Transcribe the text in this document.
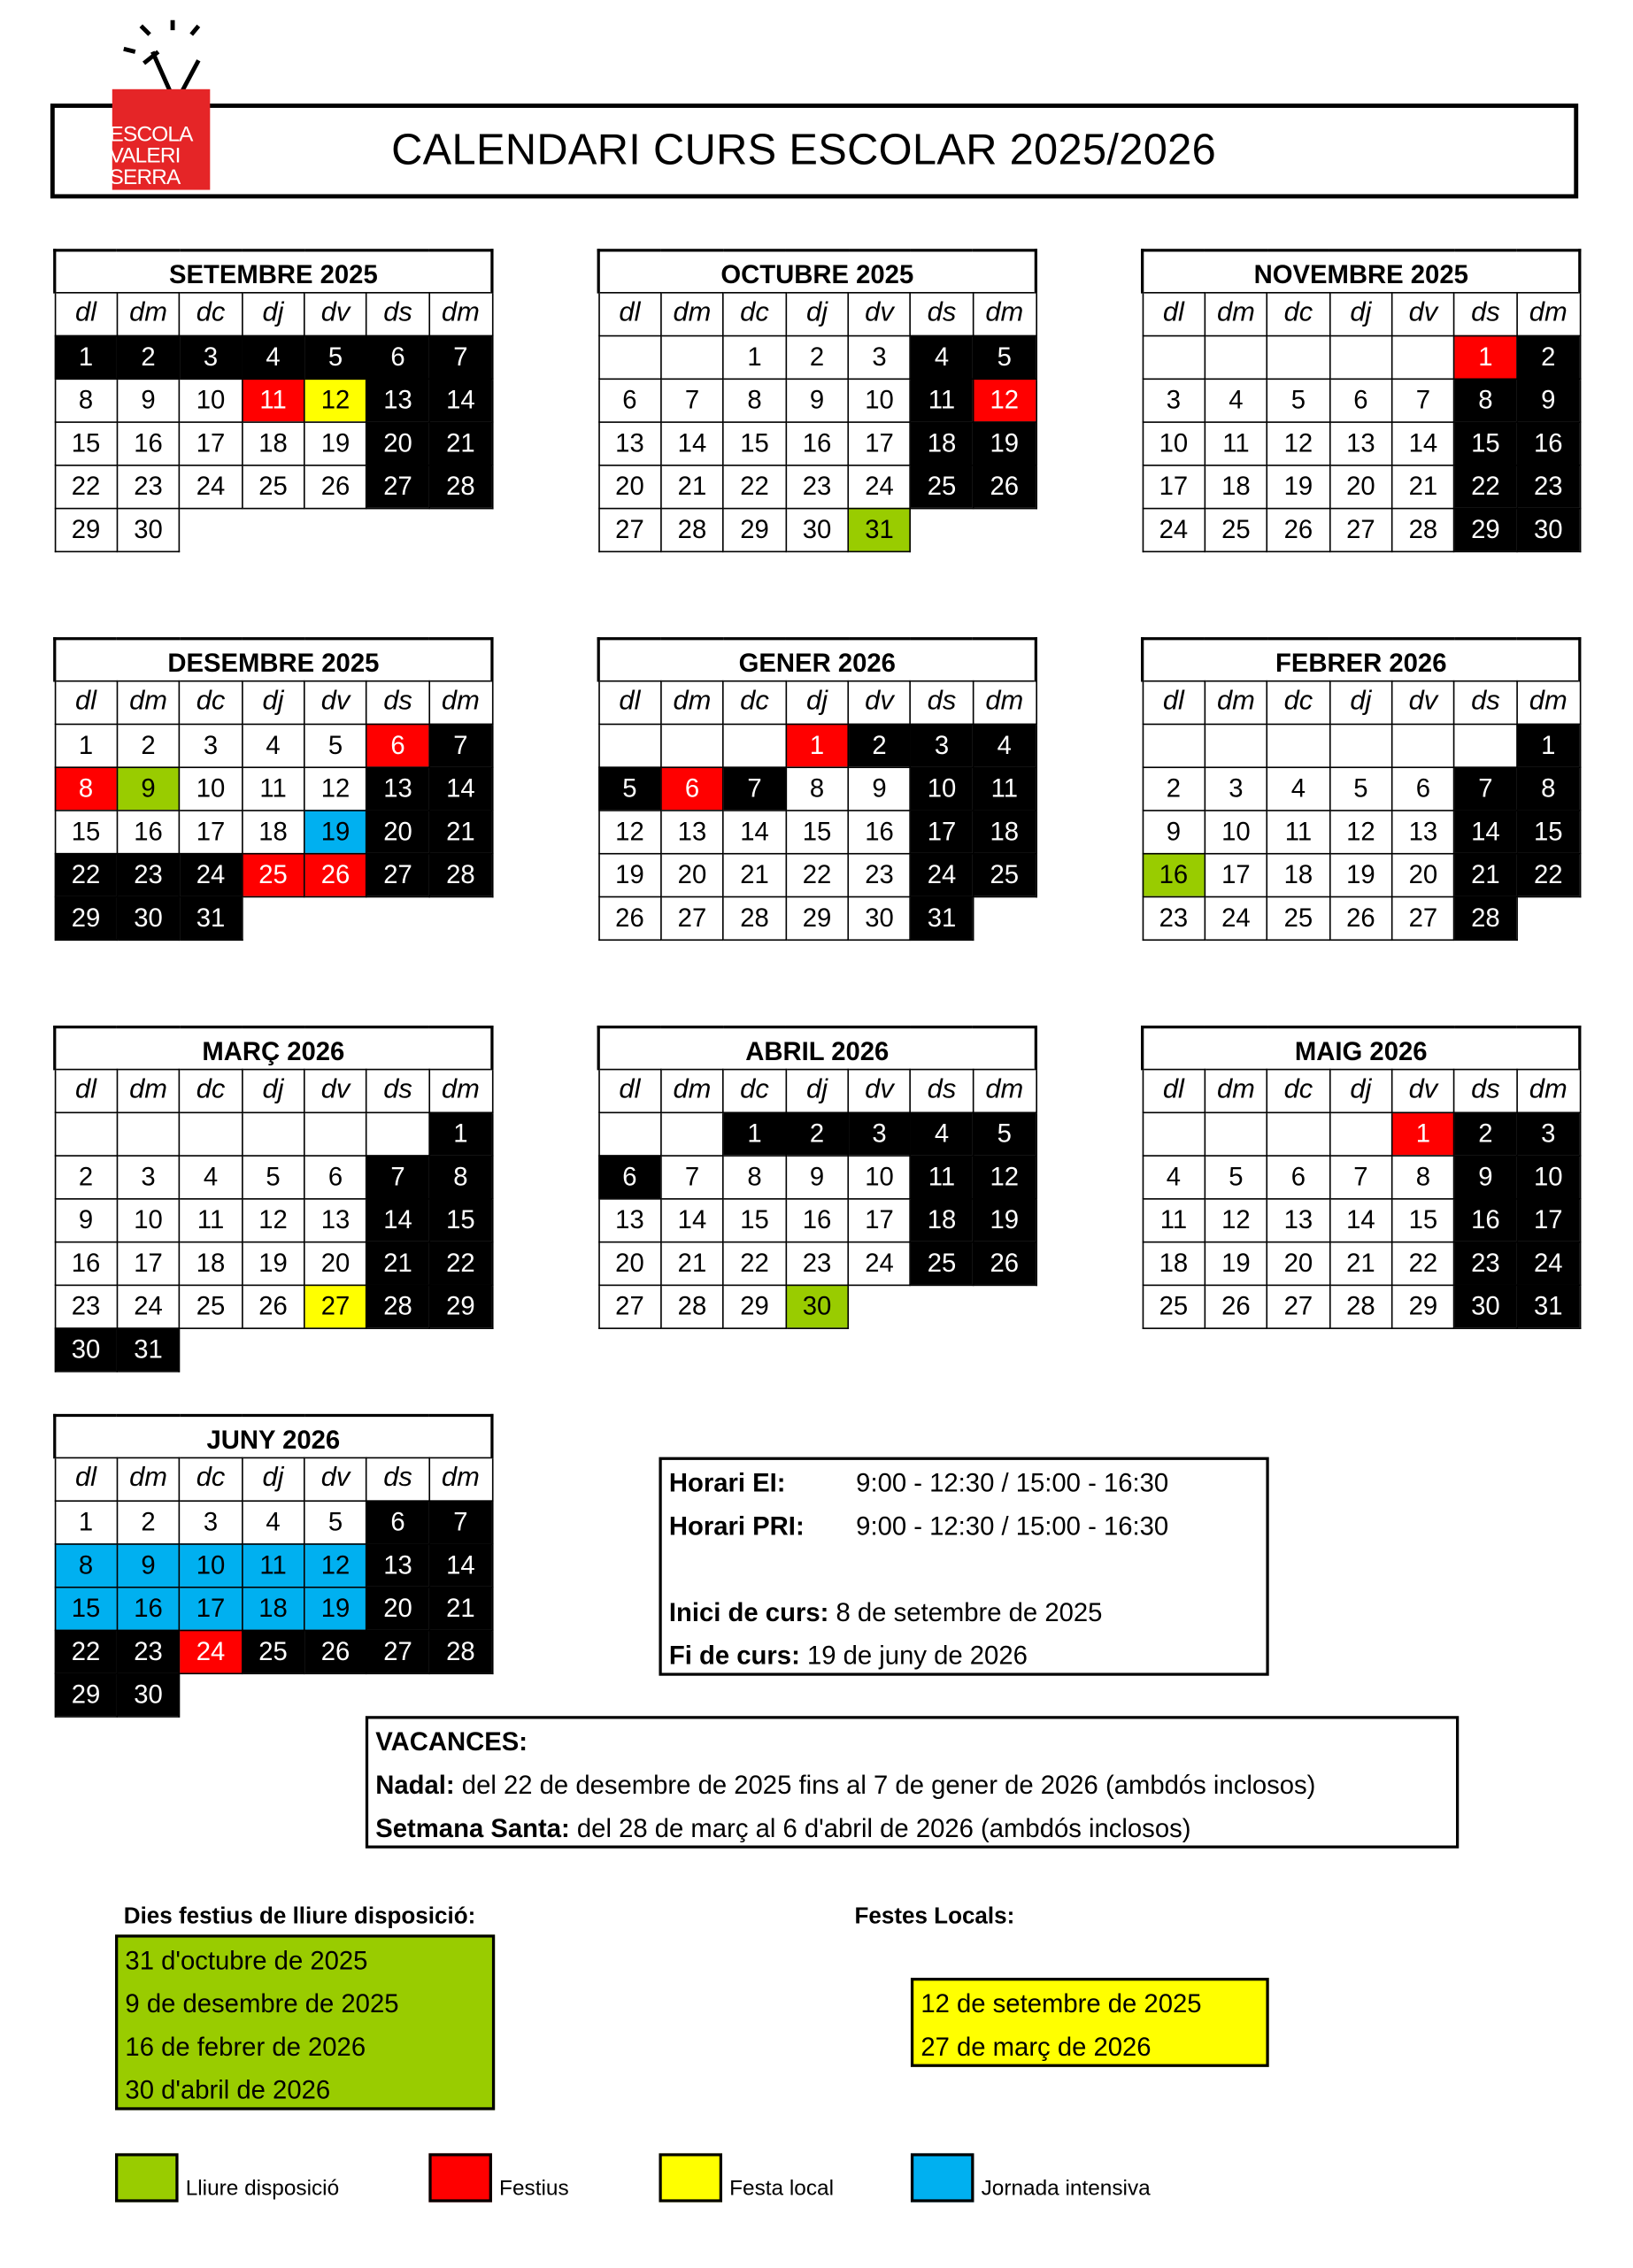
ESCOLA
VALERI
SERRA
CALENDARI CURS ESCOLAR 2025/2026
SETEMBRE 2025						
dl	dm	dc	dj	dv	ds	dm
1	2	3	4	5	6	7
8	9	10	11	12	13	14
15	16	17	18	19	20	21
22	23	24	25	26	27	28
29	30					
OCTUBRE 2025						
dl	dm	dc	dj	dv	ds	dm
		1	2	3	4	5
6	7	8	9	10	11	12
13	14	15	16	17	18	19
20	21	22	23	24	25	26
27	28	29	30	31		
NOVEMBRE 2025						
dl	dm	dc	dj	dv	ds	dm
					1	2
3	4	5	6	7	8	9
10	11	12	13	14	15	16
17	18	19	20	21	22	23
24	25	26	27	28	29	30
DESEMBRE 2025						
dl	dm	dc	dj	dv	ds	dm
1	2	3	4	5	6	7
8	9	10	11	12	13	14
15	16	17	18	19	20	21
22	23	24	25	26	27	28
29	30	31				
GENER 2026						
dl	dm	dc	dj	dv	ds	dm
			1	2	3	4
5	6	7	8	9	10	11
12	13	14	15	16	17	18
19	20	21	22	23	24	25
26	27	28	29	30	31	
FEBRER 2026						
dl	dm	dc	dj	dv	ds	dm
						1
2	3	4	5	6	7	8
9	10	11	12	13	14	15
16	17	18	19	20	21	22
23	24	25	26	27	28	
MARÇ 2026						
dl	dm	dc	dj	dv	ds	dm
						1
2	3	4	5	6	7	8
9	10	11	12	13	14	15
16	17	18	19	20	21	22
23	24	25	26	27	28	29
30	31					
ABRIL 2026						
dl	dm	dc	dj	dv	ds	dm
		1	2	3	4	5
6	7	8	9	10	11	12
13	14	15	16	17	18	19
20	21	22	23	24	25	26
27	28	29	30			
MAIG 2026						
dl	dm	dc	dj	dv	ds	dm
				1	2	3
4	5	6	7	8	9	10
11	12	13	14	15	16	17
18	19	20	21	22	23	24
25	26	27	28	29	30	31
JUNY 2026						
dl	dm	dc	dj	dv	ds	dm
1	2	3	4	5	6	7
8	9	10	11	12	13	14
15	16	17	18	19	20	21
22	23	24	25	26	27	28
29	30					
Horari EI:	9:00 - 12:30 / 15:00 - 16:30
Horari PRI:	9:00 - 12:30 / 15:00 - 16:30
Inici de curs: 8 de setembre de 2025
Fi de curs: 19 de juny de 2026
VACANCES:
Nadal: del 22 de desembre de 2025 fins al 7 de gener de 2026 (ambdós inclosos)
Setmana Santa: del 28 de març al 6 d'abril de 2026 (ambdós inclosos)
Dies festius de lliure disposició:
31 d'octubre de 2025
9 de desembre de 2025
16 de febrer de 2026
30 d'abril de 2026
Festes Locals:
12 de setembre de 2025
27 de març de 2026
Lliure disposició	Festius	Festa local	Jornada intensiva
